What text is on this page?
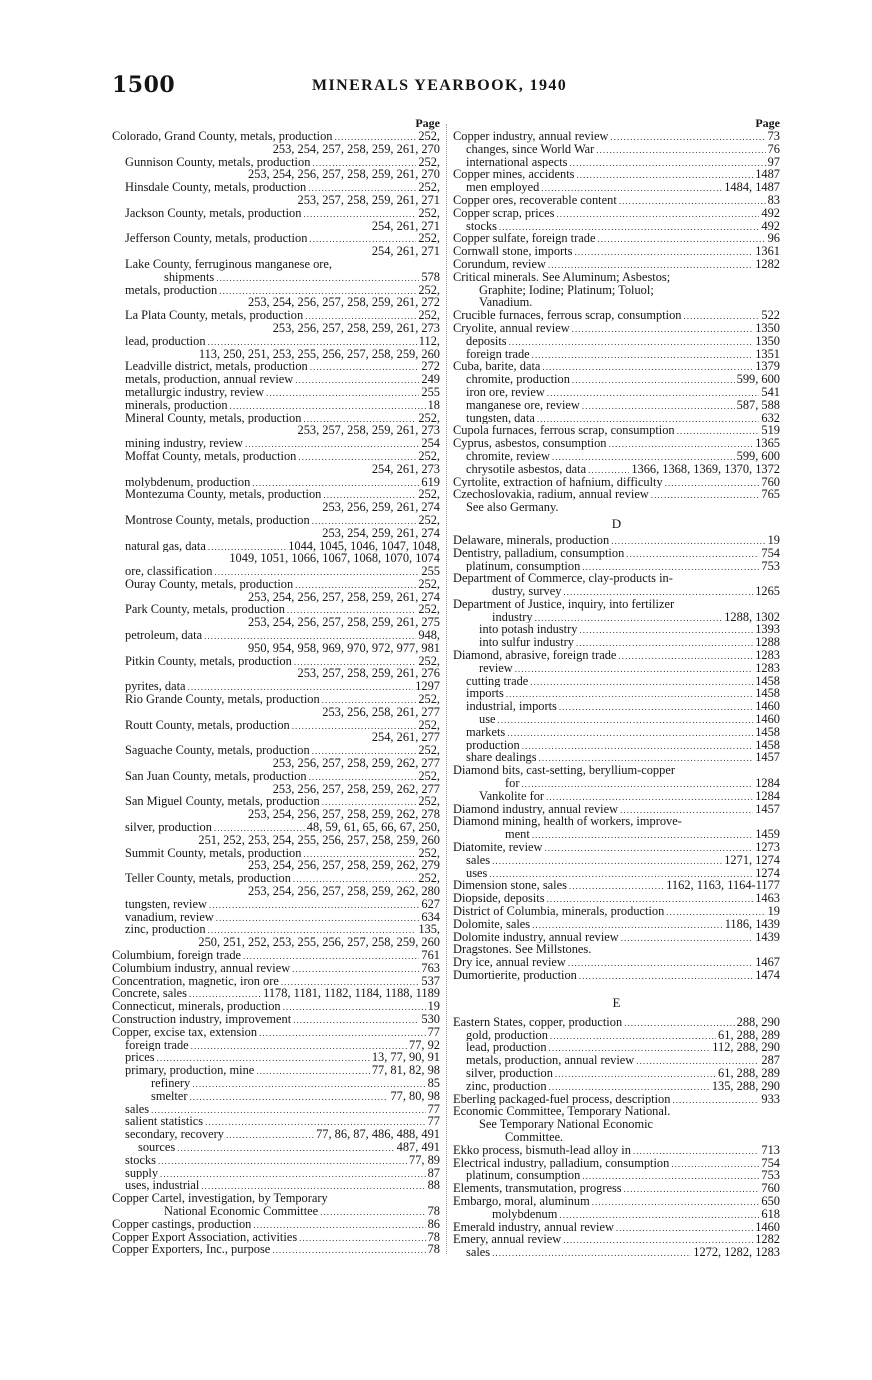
1500	MINERALS YEARBOOK, 1940
Page
Colorado, Grand County, metals, production . . .	252,
253, 254, 257, 258, 259, 261, 270
Gunnison County, metals, production . . .	252,
253, 254, 256, 257, 258, 259, 261, 270
Hinsdale County, metals, production . . .	252,
253, 257, 258, 259, 261, 271
Jackson County, metals, production . . .	252,
254, 261, 271
Jefferson County, metals, production . . .	252,
254, 261, 271
Lake County, ferruginous manganese ore,
shipments . . .	578
metals, production . . .	252,
253, 254, 256, 257, 258, 259, 261, 272
La Plata County, metals, production . . .	252,
253, 256, 257, 258, 259, 261, 273
lead, production . . .	112,
113, 250, 251, 253, 255, 256, 257, 258, 259, 260
Leadville district, metals, production . . .	272
metals, production, annual review . . .	249
metallurgic industry, review . . .	255
minerals, production . . .	18
Mineral County, metals, production . . .	252,
253, 257, 258, 259, 261, 273
mining industry, review . . .	254
Moffat County, metals, production . . .	252,
254, 261, 273
molybdenum, production . . .	619
Montezuma County, metals, production . . .	252,
253, 256, 259, 261, 274
Montrose County, metals, production . . .	252,
253, 254, 259, 261, 274
natural gas, data . . .	1044, 1045, 1046, 1047, 1048,
1049, 1051, 1066, 1067, 1068, 1070, 1074
ore, classification . . .	255
Ouray County, metals, production . . .	252,
253, 254, 256, 257, 258, 259, 261, 274
Park County, metals, production . . .	252,
253, 254, 256, 257, 258, 259, 261, 275
petroleum, data . . .	948,
950, 954, 958, 969, 970, 972, 977, 981
Pitkin County, metals, production . . .	252,
253, 257, 258, 259, 261, 276
pyrites, data . . .	1297
Rio Grande County, metals, production . . .	252,
253, 256, 258, 261, 277
Routt County, metals, production . . .	252,
254, 261, 277
Saguache County, metals, production . . .	252,
253, 256, 257, 258, 259, 262, 277
San Juan County, metals, production . . .	252,
253, 256, 257, 258, 259, 262, 277
San Miguel County, metals, production . . .	252,
253, 254, 256, 257, 258, 259, 262, 278
silver, production . . .	48, 59, 61, 65, 66, 67, 250,
251, 252, 253, 254, 255, 256, 257, 258, 259, 260
Summit County, metals, production . . .	252,
253, 254, 256, 257, 258, 259, 262, 279
Teller County, metals, production . . .	252,
253, 254, 256, 257, 258, 259, 262, 280
tungsten, review . . .	627
vanadium, review . . .	634
zinc, production . . .	135,
250, 251, 252, 253, 255, 256, 257, 258, 259, 260
Columbium, foreign trade . . .	761
Columbium industry, annual review . . .	763
Concentration, magnetic, iron ore . . .	537
Concrete, sales . . .	1178, 1181, 1182, 1184, 1188, 1189
Connecticut, minerals, production . . .	19
Construction industry, improvement . . .	530
Copper, excise tax, extension . . .	77
foreign trade . . .	77, 92
prices . . .	13, 77, 90, 91
primary, production, mine . . .	77, 81, 82, 98
refinery . . .	85
smelter . . .	77, 80, 98
sales . . .	77
salient statistics . . .	77
secondary, recovery . . .	77, 86, 87, 486, 488, 491
sources . . .	487, 491
stocks . . .	77, 89
supply . . .	87
uses, industrial . . .	88
Copper Cartel, investigation, by Temporary
National Economic Committee . . .	78
Copper castings, production . . .	86
Copper Export Association, activities . . .	78
Copper Exporters, Inc., purpose . . .	78
Page
Copper industry, annual review . . .	73
changes, since World War . . .	76
international aspects . . .	97
Copper mines, accidents . . .	1487
men employed . . .	1484, 1487
Copper ores, recoverable content . . .	83
Copper scrap, prices . . .	492
stocks . . .	492
Copper sulfate, foreign trade . . .	96
Cornwall stone, imports . . .	1361
Corundum, review . . .	1282
Critical minerals. See Aluminum; Asbestos;
Graphite; Iodine; Platinum; Toluol;
Vanadium.
Crucible furnaces, ferrous scrap, consumption . . .	522
Cryolite, annual review . . .	1350
deposits . . .	1350
foreign trade . . .	1351
Cuba, barite, data . . .	1379
chromite, production . . .	599, 600
iron ore, review . . .	541
manganese ore, review . . .	587, 588
tungsten, data . . .	632
Cupola furnaces, ferrous scrap, consumption . . .	519
Cyprus, asbestos, consumption . . .	1365
chromite, review . . .	599, 600
chrysotile asbestos, data . . .	1366, 1368, 1369, 1370, 1372
Cyrtolite, extraction of hafnium, difficulty . . .	760
Czechoslovakia, radium, annual review . . .	765
See also Germany.
D
Delaware, minerals, production . . .	19
Dentistry, palladium, consumption . . .	754
platinum, consumption . . .	753
Department of Commerce, clay-products in-
dustry, survey . . .	1265
Department of Justice, inquiry, into fertilizer
industry . . .	1288, 1302
into potash industry . . .	1393
into sulfur industry . . .	1288
Diamond, abrasive, foreign trade . . .	1283
review . . .	1283
cutting trade . . .	1458
imports . . .	1458
industrial, imports . . .	1460
use . . .	1460
markets . . .	1458
production . . .	1458
share dealings . . .	1457
Diamond bits, cast-setting, beryllium-copper
for . . .	1284
Vankolite for . . .	1284
Diamond industry, annual review . . .	1457
Diamond mining, health of workers, improve-
ment . . .	1459
Diatomite, review . . .	1273
sales . . .	1271, 1274
uses . . .	1274
Dimension stone, sales . . .	1162, 1163, 1164-1177
Diopside, deposits . . .	1463
District of Columbia, minerals, production . . .	19
Dolomite, sales . . .	1186, 1439
Dolomite industry, annual review . . .	1439
Dragstones. See Millstones.
Dry ice, annual review . . .	1467
Dumortierite, production . . .	1474
E
Eastern States, copper, production . . .	288, 290
gold, production . . .	61, 288, 289
lead, production . . .	112, 288, 290
metals, production, annual review . . .	287
silver, production . . .	61, 288, 289
zinc, production . . .	135, 288, 290
Eberling packaged-fuel process, description . . .	933
Economic Committee, Temporary National.
See Temporary National Economic
Committee.
Ekko process, bismuth-lead alloy in . . .	713
Electrical industry, palladium, consumption . . .	754
platinum, consumption . . .	753
Elements, transmutation, progress . . .	760
Embargo, moral, aluminum . . .	650
molybdenum . . .	618
Emerald industry, annual review . . .	1460
Emery, annual review . . .	1282
sales . . .	1272, 1282, 1283
